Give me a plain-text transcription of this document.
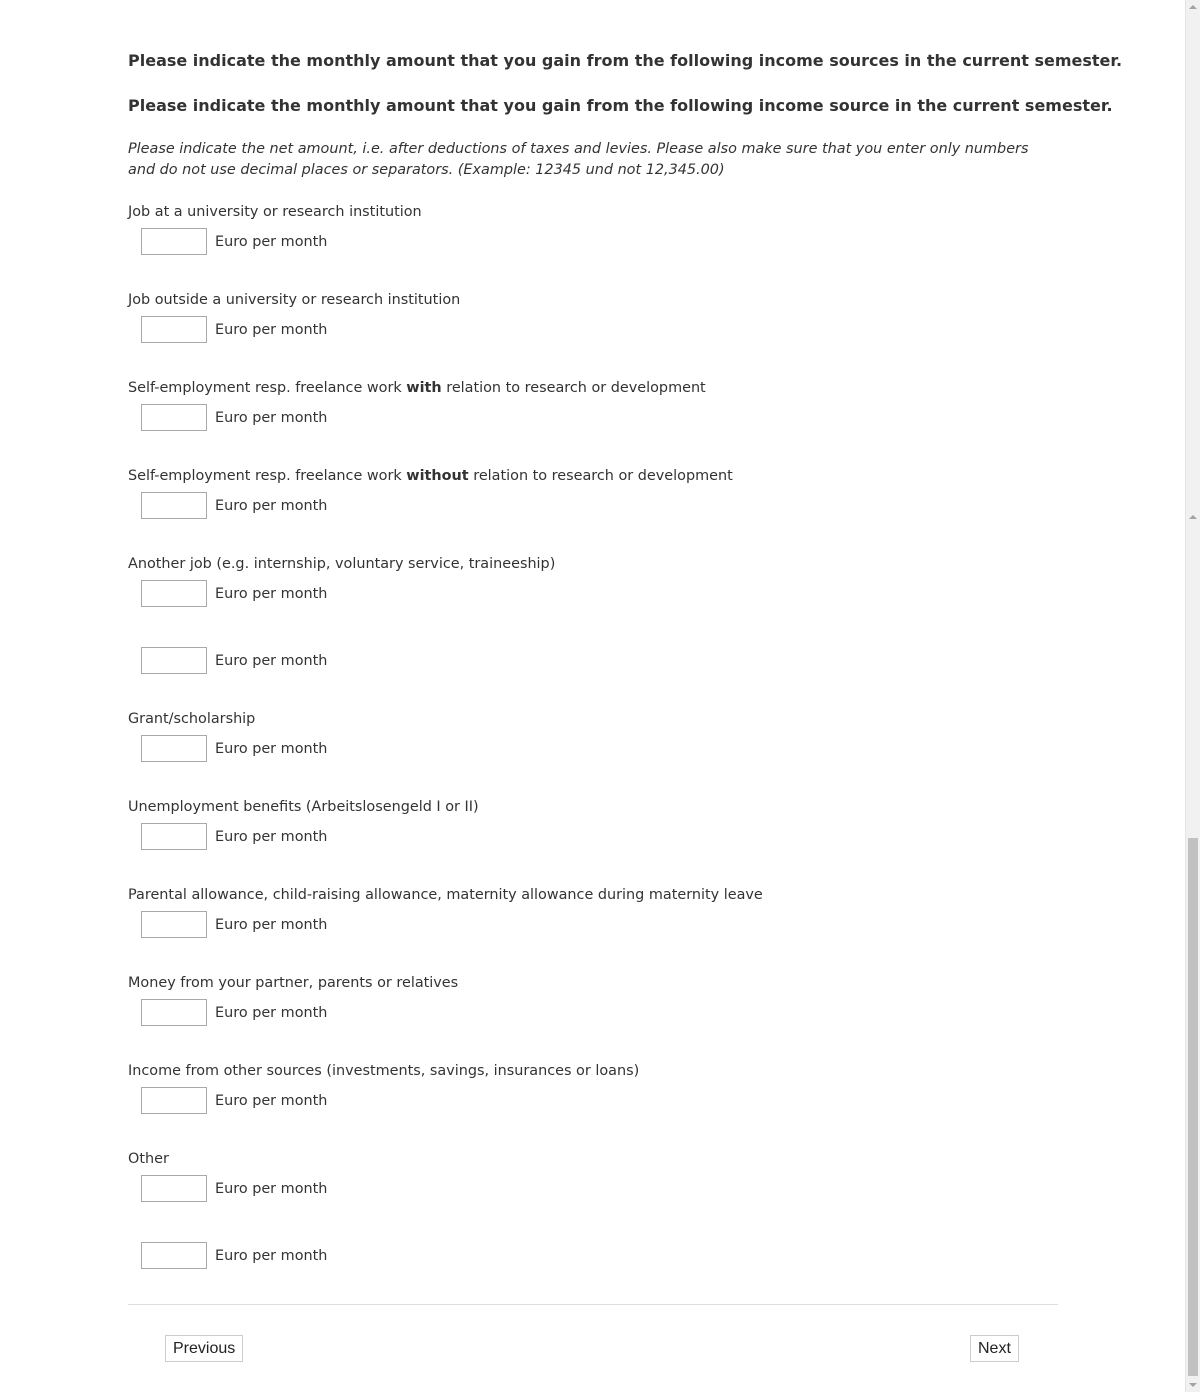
Please indicate the monthly amount that you gain from the following income sources in the current semester.
Please indicate the monthly amount that you gain from the following income source in the current semester.
Please indicate the net amount, i.e. after deductions of taxes and levies. Please also make sure that you enter only numbers and do not use decimal places or separators. (Example: 12345 und not 12,345.00)
Job at a university or research institution
Euro per month
Job outside a university or research institution
Euro per month
Self-employment resp. freelance work with relation to research or development
Euro per month
Self-employment resp. freelance work without relation to research or development
Euro per month
Another job (e.g. internship, voluntary service, traineeship)
Euro per month
Euro per month
Grant/scholarship
Euro per month
Unemployment benefits (Arbeitslosengeld I or II)
Euro per month
Parental allowance, child-raising allowance, maternity allowance during maternity leave
Euro per month
Money from your partner, parents or relatives
Euro per month
Income from other sources (investments, savings, insurances or loans)
Euro per month
Other
Euro per month
Euro per month
Previous	Next
